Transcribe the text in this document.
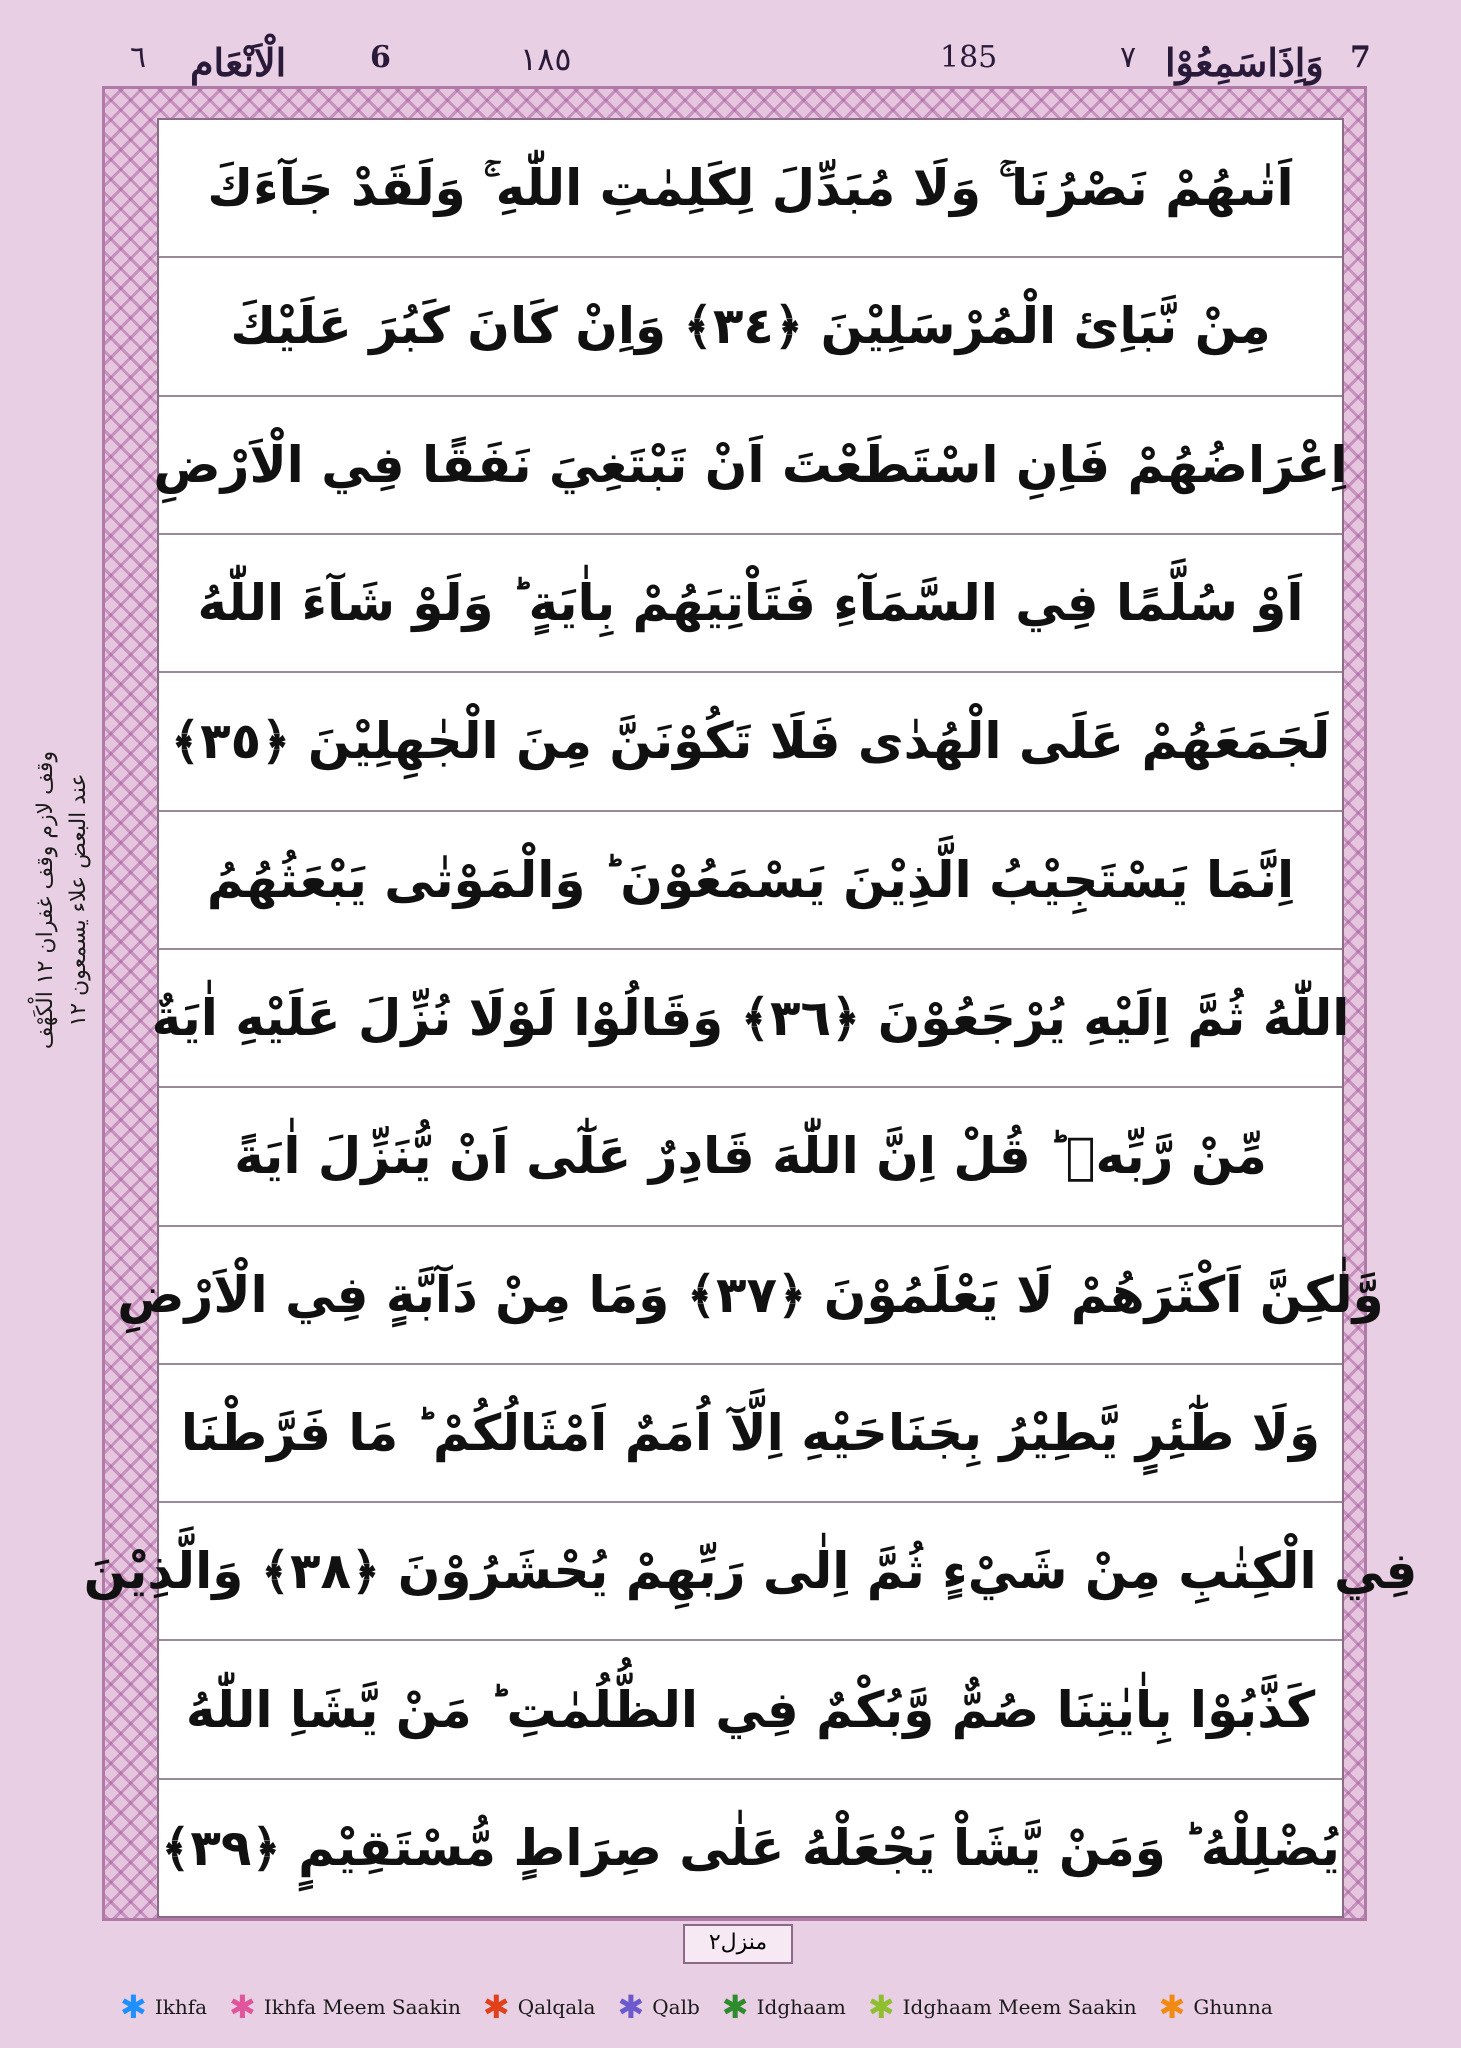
٦ الْاَنْعَام	6	١٨٥	185	٧ وَاِذَاسَمِعُوْا 7
وقف لازم وقف غفران ١٢ الْكَهْف
عند البعض علاء يسمعون ١٢
اَتٰىهُمْ نَصْرُنَا ۚ وَلَا مُبَدِّلَ لِكَلِمٰتِ اللّٰهِ ۚ وَلَقَدْ جَآءَكَ
مِنْ نَّبَاِئ الْمُرْسَلِيْنَ ﴿٣٤﴾ وَاِنْ كَانَ كَبُرَ عَلَيْكَ
اِعْرَاضُهُمْ فَاِنِ اسْتَطَعْتَ اَنْ تَبْتَغِيَ نَفَقًا فِي الْاَرْضِ
اَوْ سُلَّمًا فِي السَّمَآءِ فَتَاْتِيَهُمْ بِاٰيَةٍ ؕ وَلَوْ شَآءَ اللّٰهُ
لَجَمَعَهُمْ عَلَى الْهُدٰى فَلَا تَكُوْنَنَّ مِنَ الْجٰهِلِيْنَ ﴿٣٥﴾
اِنَّمَا يَسْتَجِيْبُ الَّذِيْنَ يَسْمَعُوْنَ ؕ وَالْمَوْتٰى يَبْعَثُهُمُ
اللّٰهُ ثُمَّ اِلَيْهِ يُرْجَعُوْنَ ﴿٣٦﴾ وَقَالُوْا لَوْلَا نُزِّلَ عَلَيْهِ اٰيَةٌ
مِّنْ رَّبِّهٖ ؕ قُلْ اِنَّ اللّٰهَ قَادِرٌ عَلٰٓى اَنْ يُّنَزِّلَ اٰيَةً
وَّلٰكِنَّ اَكْثَرَهُمْ لَا يَعْلَمُوْنَ ﴿٣٧﴾ وَمَا مِنْ دَآبَّةٍ فِي الْاَرْضِ
وَلَا طٰٓئِرٍ يَّطِيْرُ بِجَنَاحَيْهِ اِلَّآ اُمَمٌ اَمْثَالُكُمْ ؕ مَا فَرَّطْنَا
فِي الْكِتٰبِ مِنْ شَيْءٍ ثُمَّ اِلٰى رَبِّهِمْ يُحْشَرُوْنَ ﴿٣٨﴾ وَالَّذِيْنَ
كَذَّبُوْا بِاٰيٰتِنَا صُمٌّ وَّبُكْمٌ فِي الظُّلُمٰتِ ؕ مَنْ يَّشَاِ اللّٰهُ
يُضْلِلْهُ ؕ وَمَنْ يَّشَاْ يَجْعَلْهُ عَلٰى صِرَاطٍ مُّسْتَقِيْمٍ ﴿٣٩﴾
منزل٢
✱ Ikhfa ✱ Ikhfa Meem Saakin ✱ Qalqala ✱ Qalb ✱ Idghaam ✱ Idghaam Meem Saakin ✱ Ghunna
